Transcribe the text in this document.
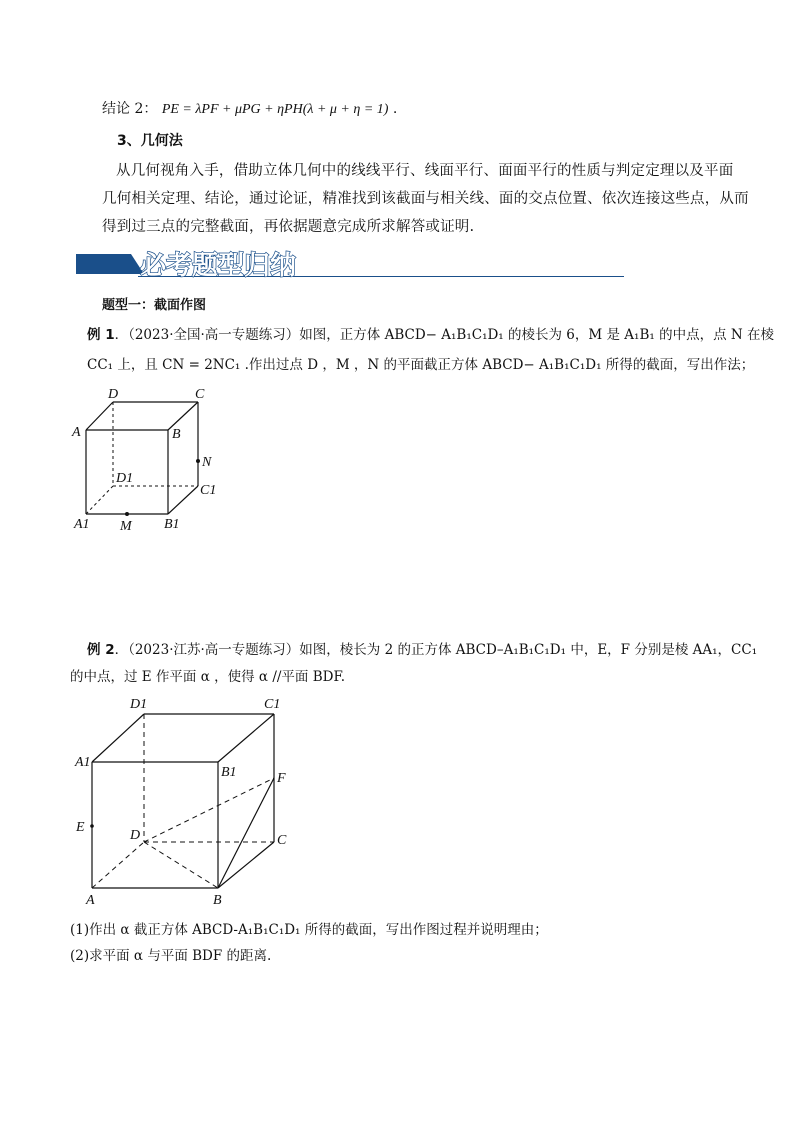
结论 2： PE = λPF + μPG + ηPH(λ + μ + η = 1) .
3、几何法
从几何视角入手，借助立体几何中的线线平行、线面平行、面面平行的性质与判定定理以及平面
几何相关定理、结论，通过论证，精准找到该截面与相关线、面的交点位置、依次连接这些点，从而
得到过三点的完整截面，再依据题意完成所求解答或证明.
必考题型归纳
题型一：截面作图
例 1．（2023·全国·高一专题练习）如图，正方体 ABCD− A₁B₁C₁D₁ 的棱长为 6，M 是 A₁B₁ 的中点，点 N 在棱
CC₁ 上，且 CN = 2NC₁ .作出过点 D ，M ，N 的平面截正方体 ABCD− A₁B₁C₁D₁ 所得的截面，写出作法；
D	C
A	B
N
D1
C1
A1 M B1
例 2．（2023·江苏·高一专题练习）如图，棱长为 2 的正方体 ABCD–A₁B₁C₁D₁ 中，E，F 分别是棱 AA₁，CC₁
的中点，过 E 作平面 α ，使得 α //平面 BDF.
D1	C1
A1
B1	F
E
D	C
A	B
(1)作出 α 截正方体 ABCD-A₁B₁C₁D₁ 所得的截面，写出作图过程并说明理由；
(2)求平面 α 与平面 BDF 的距离.
